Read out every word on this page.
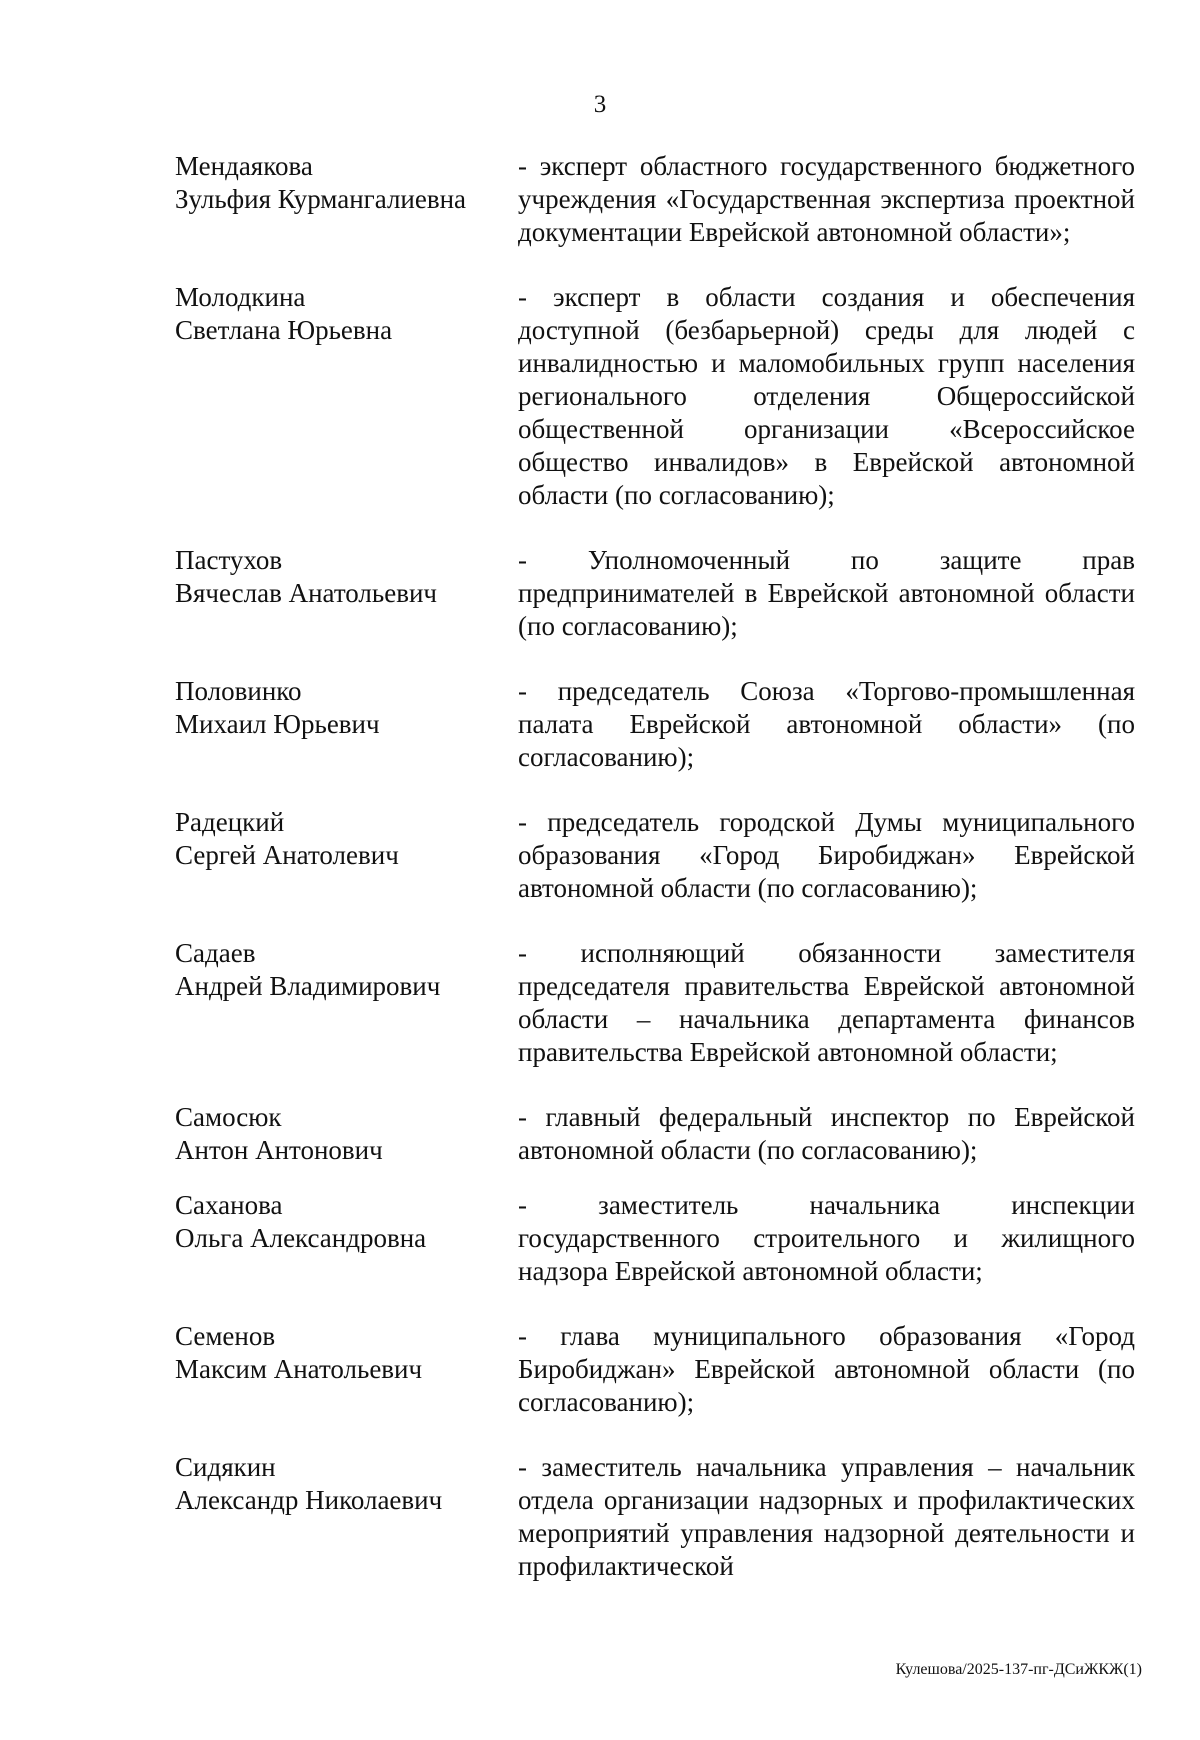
3
Мендаякова
Зульфия Курмангалиевна
- эксперт областного государственного бюджетного учреждения «Государственная экспертиза проектной документации Еврейской автономной области»;
Молодкина
Светлана Юрьевна
- эксперт в области создания и обеспечения доступной (безбарьерной) среды для людей с инвалидностью и маломобильных групп населения регионального отделения Общероссийской общественной организации «Всероссийское общество инвалидов» в Еврейской автономной области (по согласованию);
Пастухов
Вячеслав Анатольевич
- Уполномоченный по защите прав предпринимателей в Еврейской автономной области (по согласованию);
Половинко
Михаил Юрьевич
- председатель Союза «Торгово-промышленная палата Еврейской автономной области» (по согласованию);
Радецкий
Сергей Анатолевич
- председатель городской Думы муниципального образования «Город Биробиджан» Еврейской автономной области (по согласованию);
Садаев
Андрей Владимирович
- исполняющий обязанности заместителя председателя правительства Еврейской автономной области – начальника департамента финансов правительства Еврейской автономной области;
Самосюк
Антон Антонович
- главный федеральный инспектор по Еврейской автономной области (по согласованию);
Саханова
Ольга Александровна
- заместитель начальника инспекции государственного строительного и жилищного надзора Еврейской автономной области;
Семенов
Максим Анатольевич
- глава муниципального образования «Город Биробиджан» Еврейской автономной области (по согласованию);
Сидякин
Александр Николаевич
- заместитель начальника управления – начальник отдела организации надзорных и профилактических мероприятий управления надзорной деятельности и профилактической
Кулешова/2025-137-пг-ДСиЖКЖ(1)
